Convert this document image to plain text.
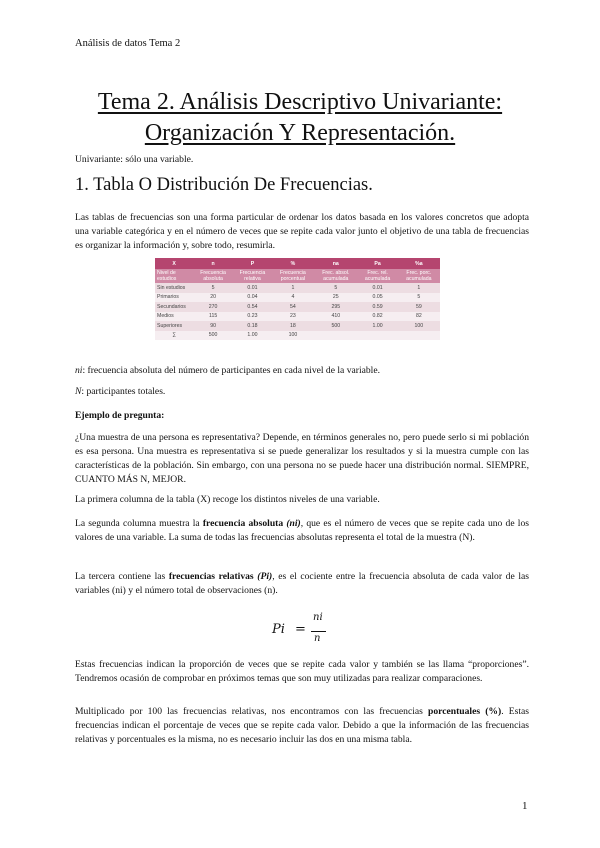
Análisis de datos Tema 2
Tema 2. Análisis Descriptivo Univariante:
Organización Y Representación.

Univariante: sólo una variable.

1. Tabla O Distribución De Frecuencias.

Las tablas de frecuencias son una forma particular de ordenar los datos basada en los valores concretos que adopta una variable categórica y en el número de veces que se repite cada valor junto el objetivo de una tabla de frecuencias es organizar la información y, sobre todo, resumirla.

X	n	P	%	na	Pa	%a
Nivel de estudios	Frecuencia absoluta	Frecuencia relativa	Frecuencia porcentual	Frec. absol. acumulada	Frec. rel. acumulada	Frec. porc. acumulada
Sin estudios	5	0.01	1	5	0.01	1
Primarios	20	0.04	4	25	0.05	5
Secundarios	270	0.54	54	295	0.59	59
Medios	115	0.23	23	410	0.82	82
Superiores	90	0.18	18	500	1.00	100
∑	500	1.00	100			

ni: frecuencia absoluta del número de participantes en cada nivel de la variable.

N: participantes totales.

Ejemplo de pregunta:

¿Una muestra de una persona es representativa? Depende, en términos generales no, pero puede serlo si mi población es esa persona. Una muestra es representativa si se puede generalizar los resultados y si la muestra cumple con las características de la población. Sin embargo, con una persona no se puede hacer una distribución normal. SIEMPRE, CUANTO MÁS N, MEJOR.

La primera columna de la tabla (X) recoge los distintos niveles de una variable.

La segunda columna muestra la frecuencia absoluta (ni), que es el número de veces que se repite cada uno de los valores de una variable. La suma de todas las frecuencias absolutas representa el total de la muestra (N).

La tercera contiene las frecuencias relativas (Pi), es el cociente entre la frecuencia absoluta de cada valor de las variables (ni) y el número total de observaciones (n).

Pi =
ni
n

Estas frecuencias indican la proporción de veces que se repite cada valor y también se las llama “proporciones”. Tendremos ocasión de comprobar en próximos temas que son muy utilizadas para realizar comparaciones.

Multiplicado por 100 las frecuencias relativas, nos encontramos con las frecuencias porcentuales (%). Estas frecuencias indican el porcentaje de veces que se repite cada valor. Debido a que la información de las frecuencias relativas y porcentuales es la misma, no es necesario incluir las dos en una misma tabla.

1
